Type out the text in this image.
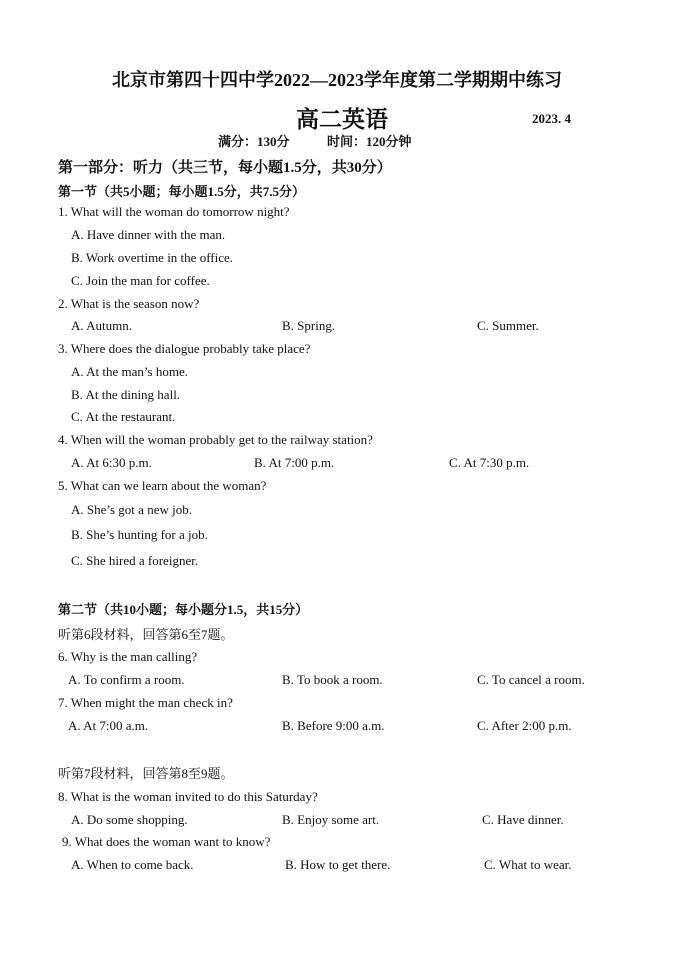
北京市第四十四中学2022—2023学年度第二学期期中练习
高二英语	2023. 4
满分：130分	时间：120分钟
第一部分：听力（共三节，每小题1.5分，共30分）
第一节（共5小题；每小题1.5分，共7.5分）
1. What will the woman do tomorrow night?
A. Have dinner with the man.
B. Work overtime in the office.
C. Join the man for coffee.
2. What is the season now?
A. Autumn.	B. Spring.	C. Summer.
3. Where does the dialogue probably take place?
A. At the man’s home.
B. At the dining hall.
C. At the restaurant.
4. When will the woman probably get to the railway station?
A. At 6:30 p.m.	B. At 7:00 p.m.	C. At 7:30 p.m.
5. What can we learn about the woman?
A. She’s got a new job.
B. She’s hunting for a job.
C. She hired a foreigner.
第二节（共10小题；每小题分1.5，共15分）
听第6段材料，回答第6至7题。
6. Why is the man calling?
A. To confirm a room.	B. To book a room.	C. To cancel a room.
7. When might the man check in?
A. At 7:00 a.m.	B. Before 9:00 a.m.	C. After 2:00 p.m.
听第7段材料，回答第8至9题。
8. What is the woman invited to do this Saturday?
A. Do some shopping.	B. Enjoy some art.	C. Have dinner.
9. What does the woman want to know?
A. When to come back.	B. How to get there.	C. What to wear.
